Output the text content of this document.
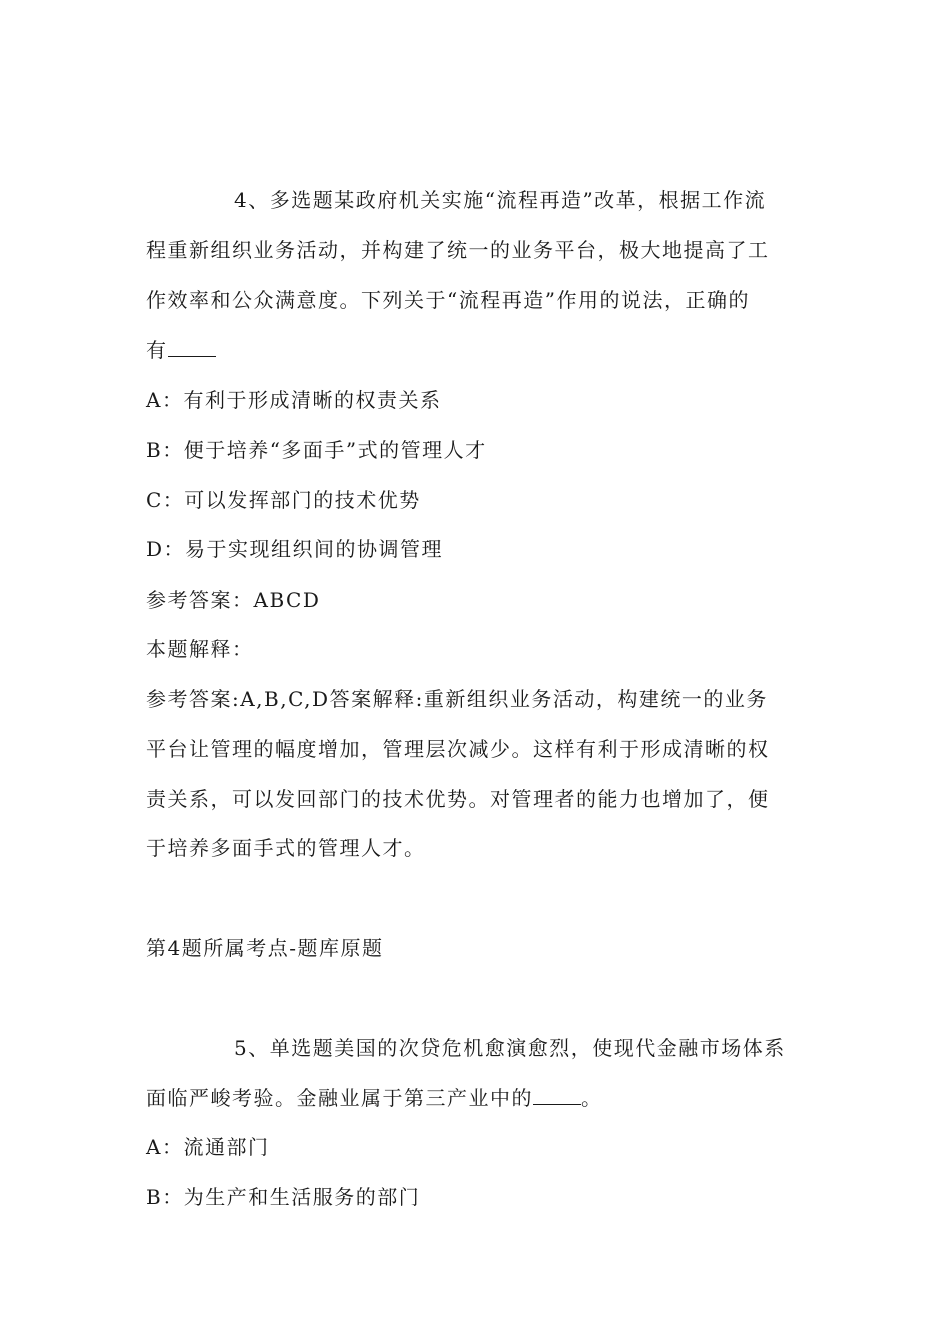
4、多选题某政府机关实施“流程再造”改革，根据工作流
程重新组织业务活动，并构建了统一的业务平台，极大地提高了工
作效率和公众满意度。下列关于“流程再造”作用的说法，正确的
有
A：有利于形成清晰的权责关系
B：便于培养“多面手”式的管理人才
C：可以发挥部门的技术优势
D：易于实现组织间的协调管理
参考答案：ABCD
本题解释：
参考答案:A,B,C,D答案解释:重新组织业务活动，构建统一的业务
平台让管理的幅度增加，管理层次减少。这样有利于形成清晰的权
责关系，可以发回部门的技术优势。对管理者的能力也增加了，便
于培养多面手式的管理人才。
第4题所属考点-题库原题
5、单选题美国的次贷危机愈演愈烈，使现代金融市场体系
面临严峻考验。金融业属于第三产业中的 。
A：流通部门
B：为生产和生活服务的部门
